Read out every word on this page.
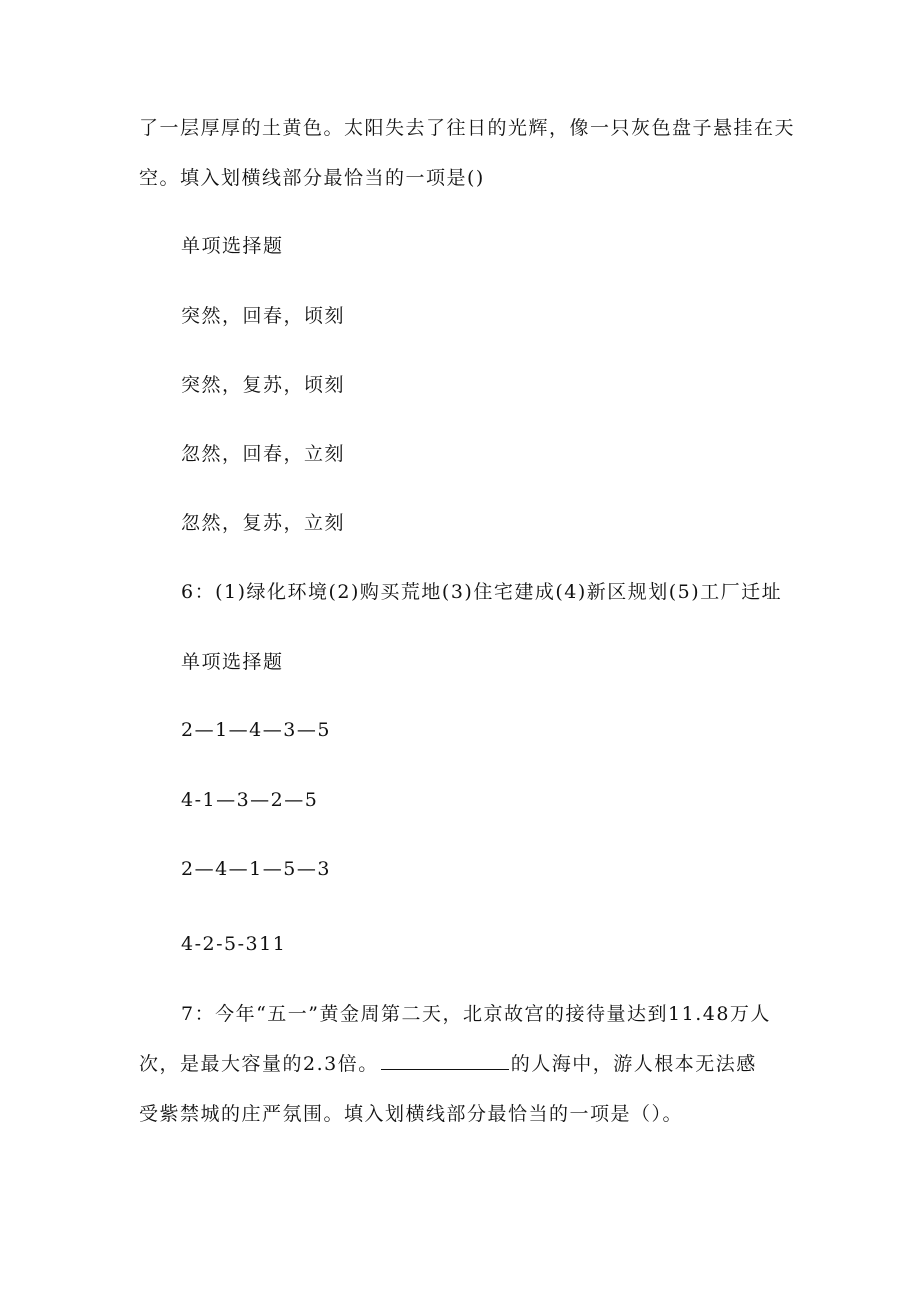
了一层厚厚的土黄色。太阳失去了往日的光辉，像一只灰色盘子悬挂在天
空。填入划横线部分最恰当的一项是()
单项选择题
突然，回春，顷刻
突然，复苏，顷刻
忽然，回春，立刻
忽然，复苏，立刻
6：(1)绿化环境(2)购买荒地(3)住宅建成(4)新区规划(5)工厂迁址
单项选择题
2—1—4—3—5
4-1—3—2—5
2—4—1—5—3
4-2-5-311
7：今年“五一”黄金周第二天，北京故宫的接待量达到11.48万人
次，是最大容量的2.3倍。	的人海中，游人根本无法感
受紫禁城的庄严氛围。填入划横线部分最恰当的一项是（）。
